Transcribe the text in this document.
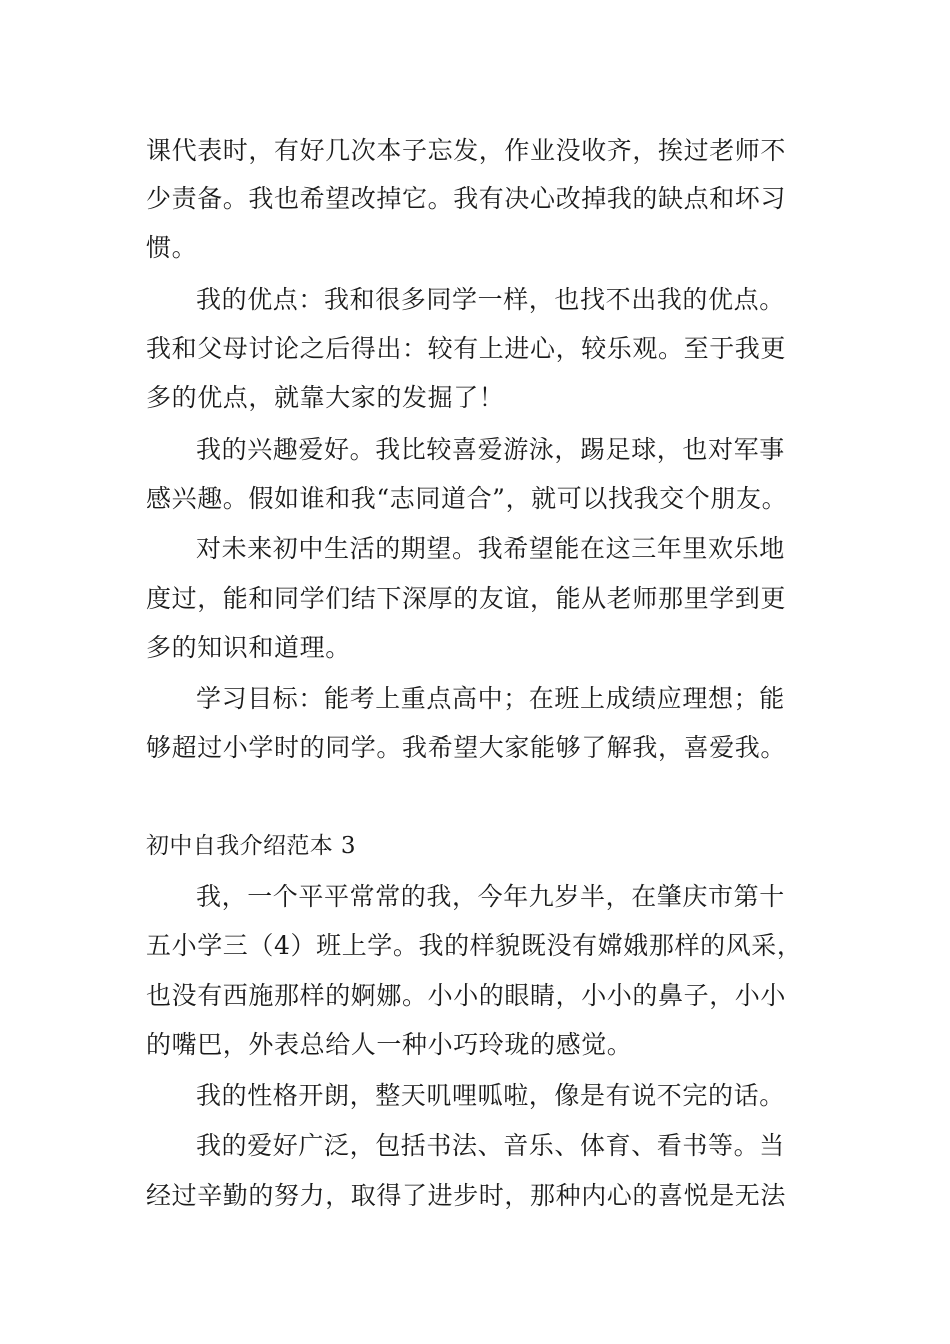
课代表时，有好几次本子忘发，作业没收齐，挨过老师不
少责备。我也希望改掉它。我有决心改掉我的缺点和坏习
惯。
我的优点：我和很多同学一样，也找不出我的优点。
我和父母讨论之后得出：较有上进心，较乐观。至于我更
多的优点，就靠大家的发掘了！
我的兴趣爱好。我比较喜爱游泳，踢足球，也对军事
感兴趣。假如谁和我“志同道合”，就可以找我交个朋友。
对未来初中生活的期望。我希望能在这三年里欢乐地
度过，能和同学们结下深厚的友谊，能从老师那里学到更
多的知识和道理。
学习目标：能考上重点高中；在班上成绩应理想；能
够超过小学时的同学。我希望大家能够了解我，喜爱我。
初中自我介绍范本 3
我，一个平平常常的我，今年九岁半，在肇庆市第十
五小学三（4）班上学。我的样貌既没有嫦娥那样的风采，
也没有西施那样的婀娜。小小的眼睛，小小的鼻子，小小
的嘴巴，外表总给人一种小巧玲珑的感觉。
我的性格开朗，整天叽哩呱啦，像是有说不完的话。
我的爱好广泛，包括书法、音乐、体育、看书等。当
经过辛勤的努力，取得了进步时，那种内心的喜悦是无法
